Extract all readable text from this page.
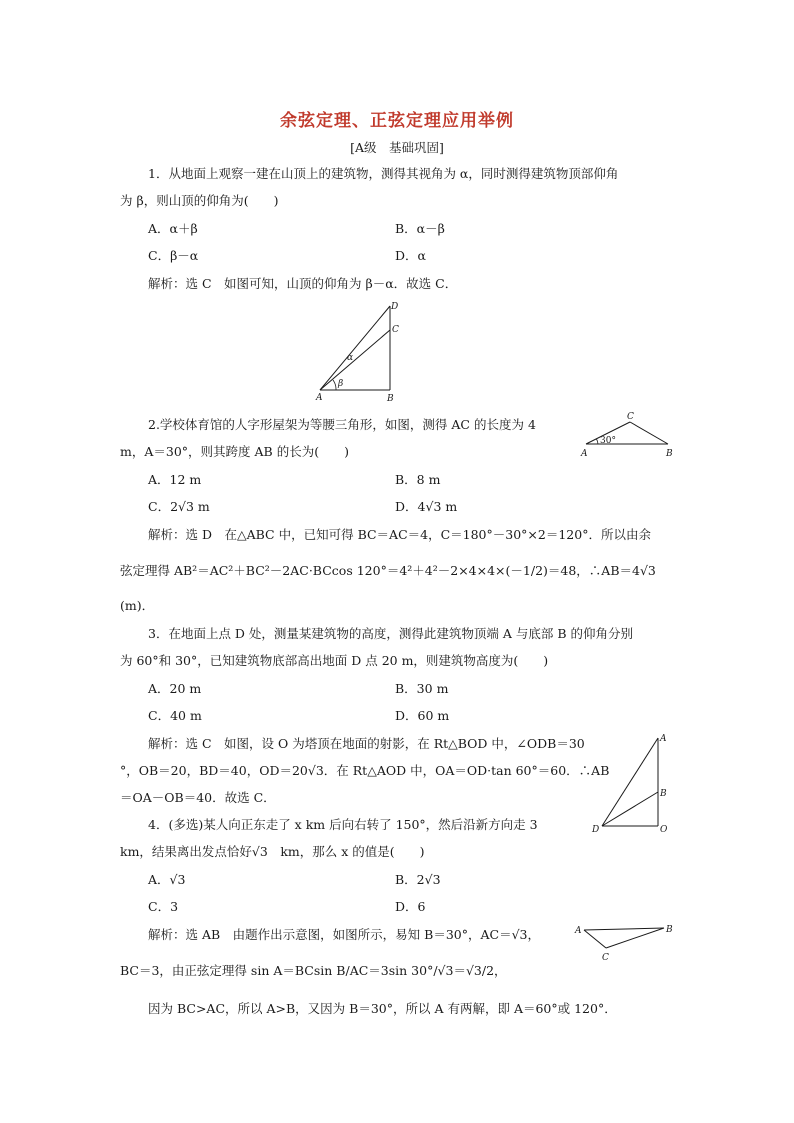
余弦定理、正弦定理应用举例
[A级　基础巩固]
1．从地面上观察一建在山顶上的建筑物，测得其视角为 α，同时测得建筑物顶部仰角
为 β，则山顶的仰角为(　　)
A．α＋β	B．α－β
C．β－α	D．α
解析：选 C　如图可知，山顶的仰角为 β－α．故选 C．
A	B
C
D
α
β
2.学校体育馆的人字形屋架为等腰三角形，如图，测得 AC 的长度为 4
m，A＝30°，则其跨度 AB 的长为(　　)
A．12 m	B．8 m
C．2√3 m	D．4√3 m
解析：选 D　在△ABC 中，已知可得 BC＝AC＝4，C＝180°－30°×2＝120°．所以由余
弦定理得 AB²＝AC²＋BC²－2AC·BCcos 120°＝4²＋4²－2×4×4×(－1/2)＝48，∴AB＝4√3
(m)．
A	B
C
30°
3．在地面上点 D 处，测量某建筑物的高度，测得此建筑物顶端 A 与底部 B 的仰角分别
为 60°和 30°，已知建筑物底部高出地面 D 点 20 m，则建筑物高度为(　　)
A．20 m	B．30 m
C．40 m	D．60 m
解析：选 C　如图，设 O 为塔顶在地面的射影，在 Rt△BOD 中，∠ODB＝30
°，OB＝20，BD＝40，OD＝20√3．在 Rt△AOD 中，OA＝OD·tan 60°＝60．∴AB
＝OA－OB＝40．故选 C．
D	O
B
A
4．(多选)某人向正东走了 x km 后向右转了 150°，然后沿新方向走 3
km，结果离出发点恰好√3　km，那么 x 的值是(　　)
A．√3	B．2√3
C．3	D．6
解析：选 AB　由题作出示意图，如图所示，易知 B＝30°，AC＝√3，
BC＝3，由正弦定理得 sin A＝BCsin B/AC＝3sin 30°/√3＝√3/2，
因为 BC>AC，所以 A>B，又因为 B＝30°，所以 A 有两解，即 A＝60°或 120°．
A	B
C
